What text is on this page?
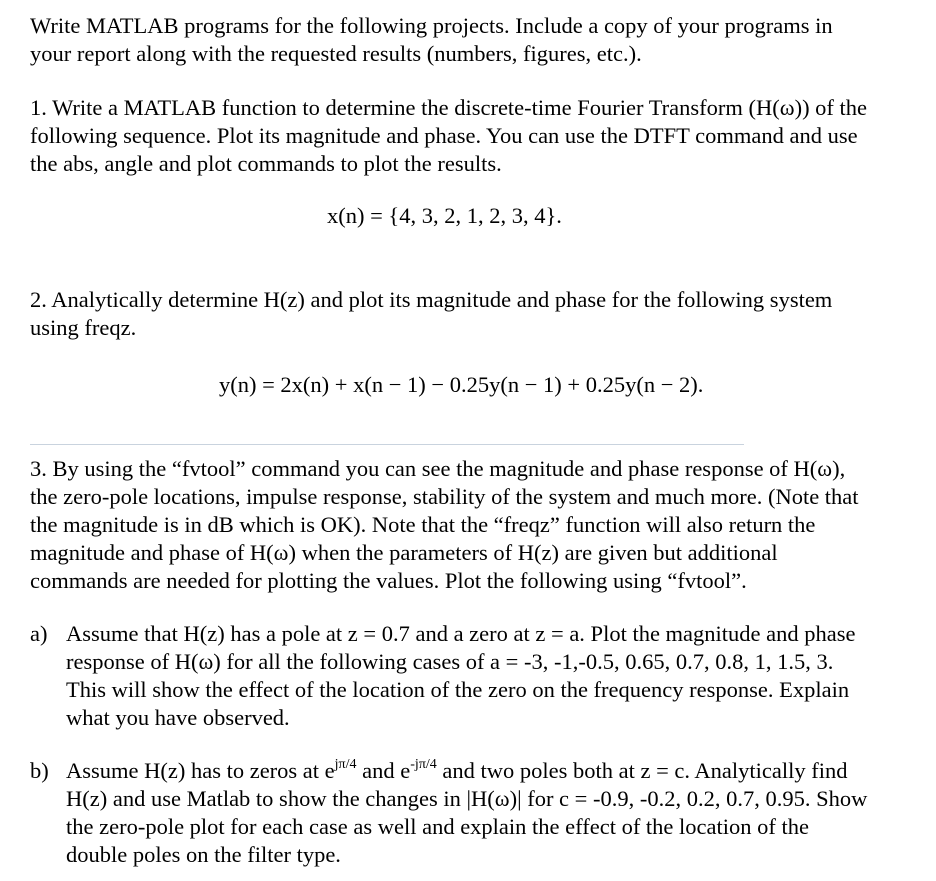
Write MATLAB programs for the following projects. Include a copy of your programs in
your report along with the requested results (numbers, figures, etc.).
1. Write a MATLAB function to determine the discrete-time Fourier Transform (H(ω)) of the
following sequence. Plot its magnitude and phase. You can use the DTFT command and use
the abs, angle and plot commands to plot the results.
x(n) = {4, 3, 2, 1, 2, 3, 4}.
2. Analytically determine H(z) and plot its magnitude and phase for the following system
using freqz.
y(n) = 2x(n) + x(n − 1) − 0.25y(n − 1) + 0.25y(n − 2).
3. By using the “fvtool” command you can see the magnitude and phase response of H(ω),
the zero-pole locations, impulse response, stability of the system and much more. (Note that
the magnitude is in dB which is OK). Note that the “freqz” function will also return the
magnitude and phase of H(ω) when the parameters of H(z) are given but additional
commands are needed for plotting the values. Plot the following using “fvtool”.
a) Assume that H(z) has a pole at z = 0.7 and a zero at z = a. Plot the magnitude and phase
response of H(ω) for all the following cases of a = -3, -1,-0.5, 0.65, 0.7, 0.8, 1, 1.5, 3.
This will show the effect of the location of the zero on the frequency response. Explain
what you have observed.
b) Assume H(z) has to zeros at $e^{j\pi/4}$ and $e^{-j\pi/4}$ and two poles both at z = c. Analytically find
H(z) and use Matlab to show the changes in |H(ω)| for c = -0.9, -0.2, 0.2, 0.7, 0.95. Show
the zero-pole plot for each case as well and explain the effect of the location of the
double poles on the filter type.
